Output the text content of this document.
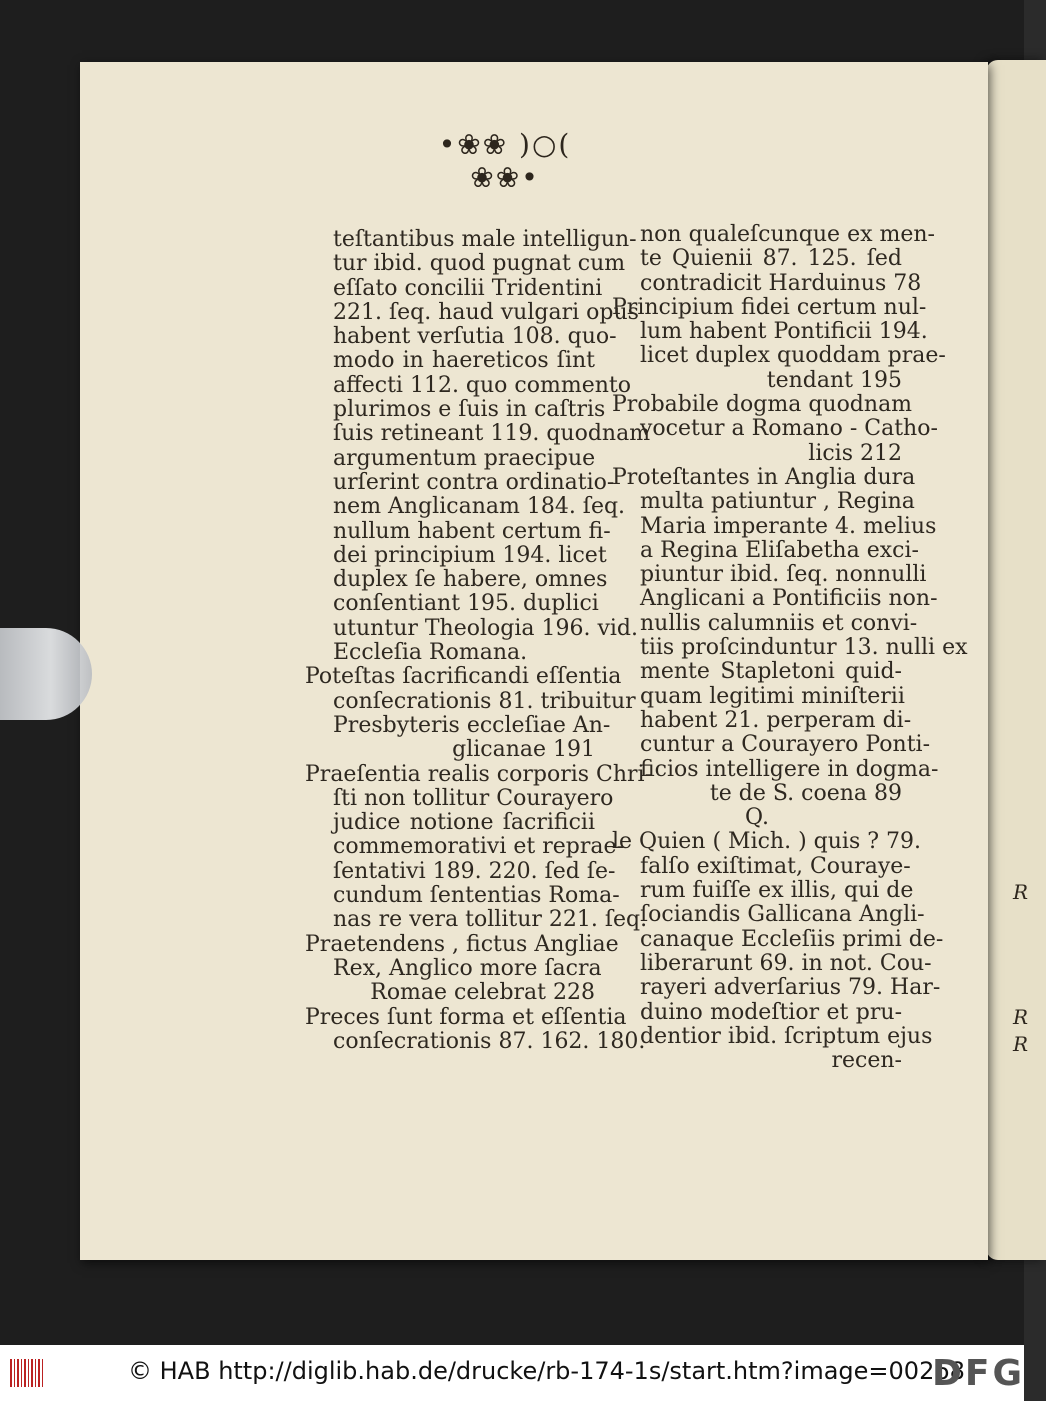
R
R
R
•❀❀ )○( ❀❀•
teſtantibus male intelligun-
tur ibid. quod pugnat cum
eſſato concilii Tridentini
221. ſeq. haud vulgari opus
habent verſutia 108. quo-
modo in haereticos ſint
affecti 112. quo commento
plurimos e ſuis in caſtris
ſuis retineant 119. quodnam
argumentum praecipue
urſerint contra ordinatio-
nem Anglicanam 184. ſeq.
nullum habent certum fi-
dei principium 194. licet
duplex ſe habere, omnes
conſentiant 195. duplici
utuntur Theologia 196. vid.
Eccleſia Romana.
Poteſtas ſacrificandi eſſentia
conſecrationis 81. tribuitur
Presbyteris eccleſiae An-
glicanae 191
Praeſentia realis corporis Chri-
ſti non tollitur Courayero
judice notione ſacrificii
commemorativi et reprae-
ſentativi 189. 220. ſed ſe-
cundum ſententias Roma-
nas re vera tollitur 221. ſeq.
Praetendens , fictus Angliae
Rex, Anglico more ſacra
Romae celebrat 228
Preces ſunt forma et eſſentia
conſecrationis 87. 162. 180.
non qualeſcunque ex men-
te Quienii 87. 125. ſed
contradicit Harduinus 78
Principium fidei certum nul-
lum habent Pontificii 194.
licet duplex quoddam prae-
tendant 195
Probabile dogma quodnam
vocetur a Romano - Catho-
licis 212
Proteſtantes in Anglia dura
multa patiuntur , Regina
Maria imperante 4. melius
a Regina Eliſabetha exci-
piuntur ibid. ſeq. nonnulli
Anglicani a Pontificiis non-
nullis calumniis et convi-
tiis proſcinduntur 13. nulli ex
mente Stapletoni quid-
quam legitimi miniſterii
habent 21. perperam di-
cuntur a Courayero Ponti-
ficios intelligere in dogma-
te de S. coena 89
Q.
le Quien ( Mich. ) quis ? 79.
falſo exiſtimat, Couraye-
rum fuiſſe ex illis, qui de
ſociandis Gallicana Angli-
canaque Eccleſiis primi de-
liberarunt 69. in not. Cou-
rayeri adverſarius 79. Har-
duino modeſtior et pru-
dentior ibid. ſcriptum ejus
recen-
© HAB http://diglib.hab.de/drucke/rb-174-1s/start.htm?image=00268
DFG
